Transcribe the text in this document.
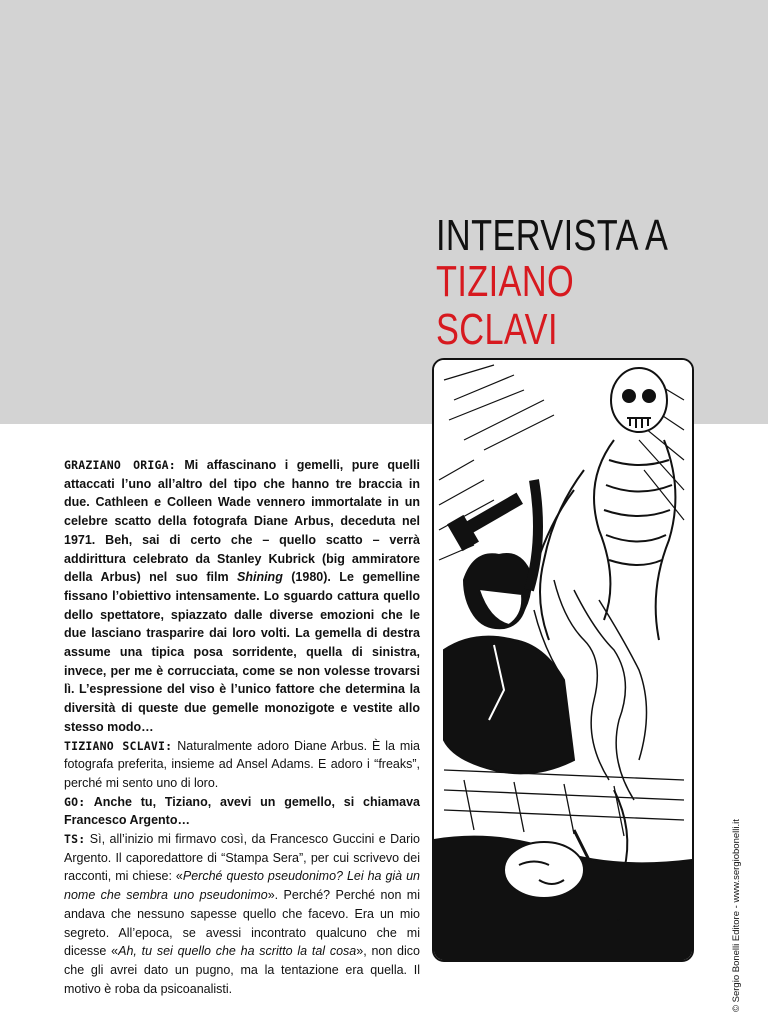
INTERVISTA A
TIZIANO SCLAVI

GRAZIANO ORIGA: Mi affascinano i gemelli, pure quelli attaccati l’uno all’altro del tipo che hanno tre braccia in due. Cathleen e Colleen Wade vennero immortalate in un celebre scatto della fotografa Diane Arbus, deceduta nel 1971. Beh, sai di certo che – quello scatto – verrà addirittura celebrato da Stanley Kubrick (big ammiratore della Arbus) nel suo film Shining (1980). Le gemelline fissano l’obiettivo intensamente. Lo sguardo cattura quello dello spettatore, spiazzato dalle diverse emozioni che le due lasciano trasparire dai loro volti. La gemella di destra assume una tipica posa sorridente, quella di sinistra, invece, per me è corrucciata, come se non volesse trovarsi lì. L’espressione del viso è l’unico fattore che determina la diversità di queste due gemelle monozigote e vestite allo stesso modo…

TIZIANO SCLAVI: Naturalmente adoro Diane Arbus. È la mia fotografa preferita, insieme ad Ansel Adams. E adoro i “freaks”, perché mi sento uno di loro.

GO: Anche tu, Tiziano, avevi un gemello, si chiamava Francesco Argento…

TS: Sì, all’inizio mi firmavo così, da Francesco Guccini e Dario Argento. Il caporedattore di “Stampa Sera”, per cui scrivevo dei racconti, mi chiese: «Perché questo pseudonimo? Lei ha già un nome che sembra uno pseudonimo». Perché? Perché non mi andava che nessuno sapesse quello che facevo. Era un mio segreto. All’epoca, se avessi incontrato qualcuno che mi dicesse «Ah, tu sei quello che ha scritto la tal cosa», non dico che gli avrei dato un pugno, ma la tentazione era quella. Il motivo è roba da psicoanalisti.	© Sergio Bonelli Editore - www.sergiobonelli.it
